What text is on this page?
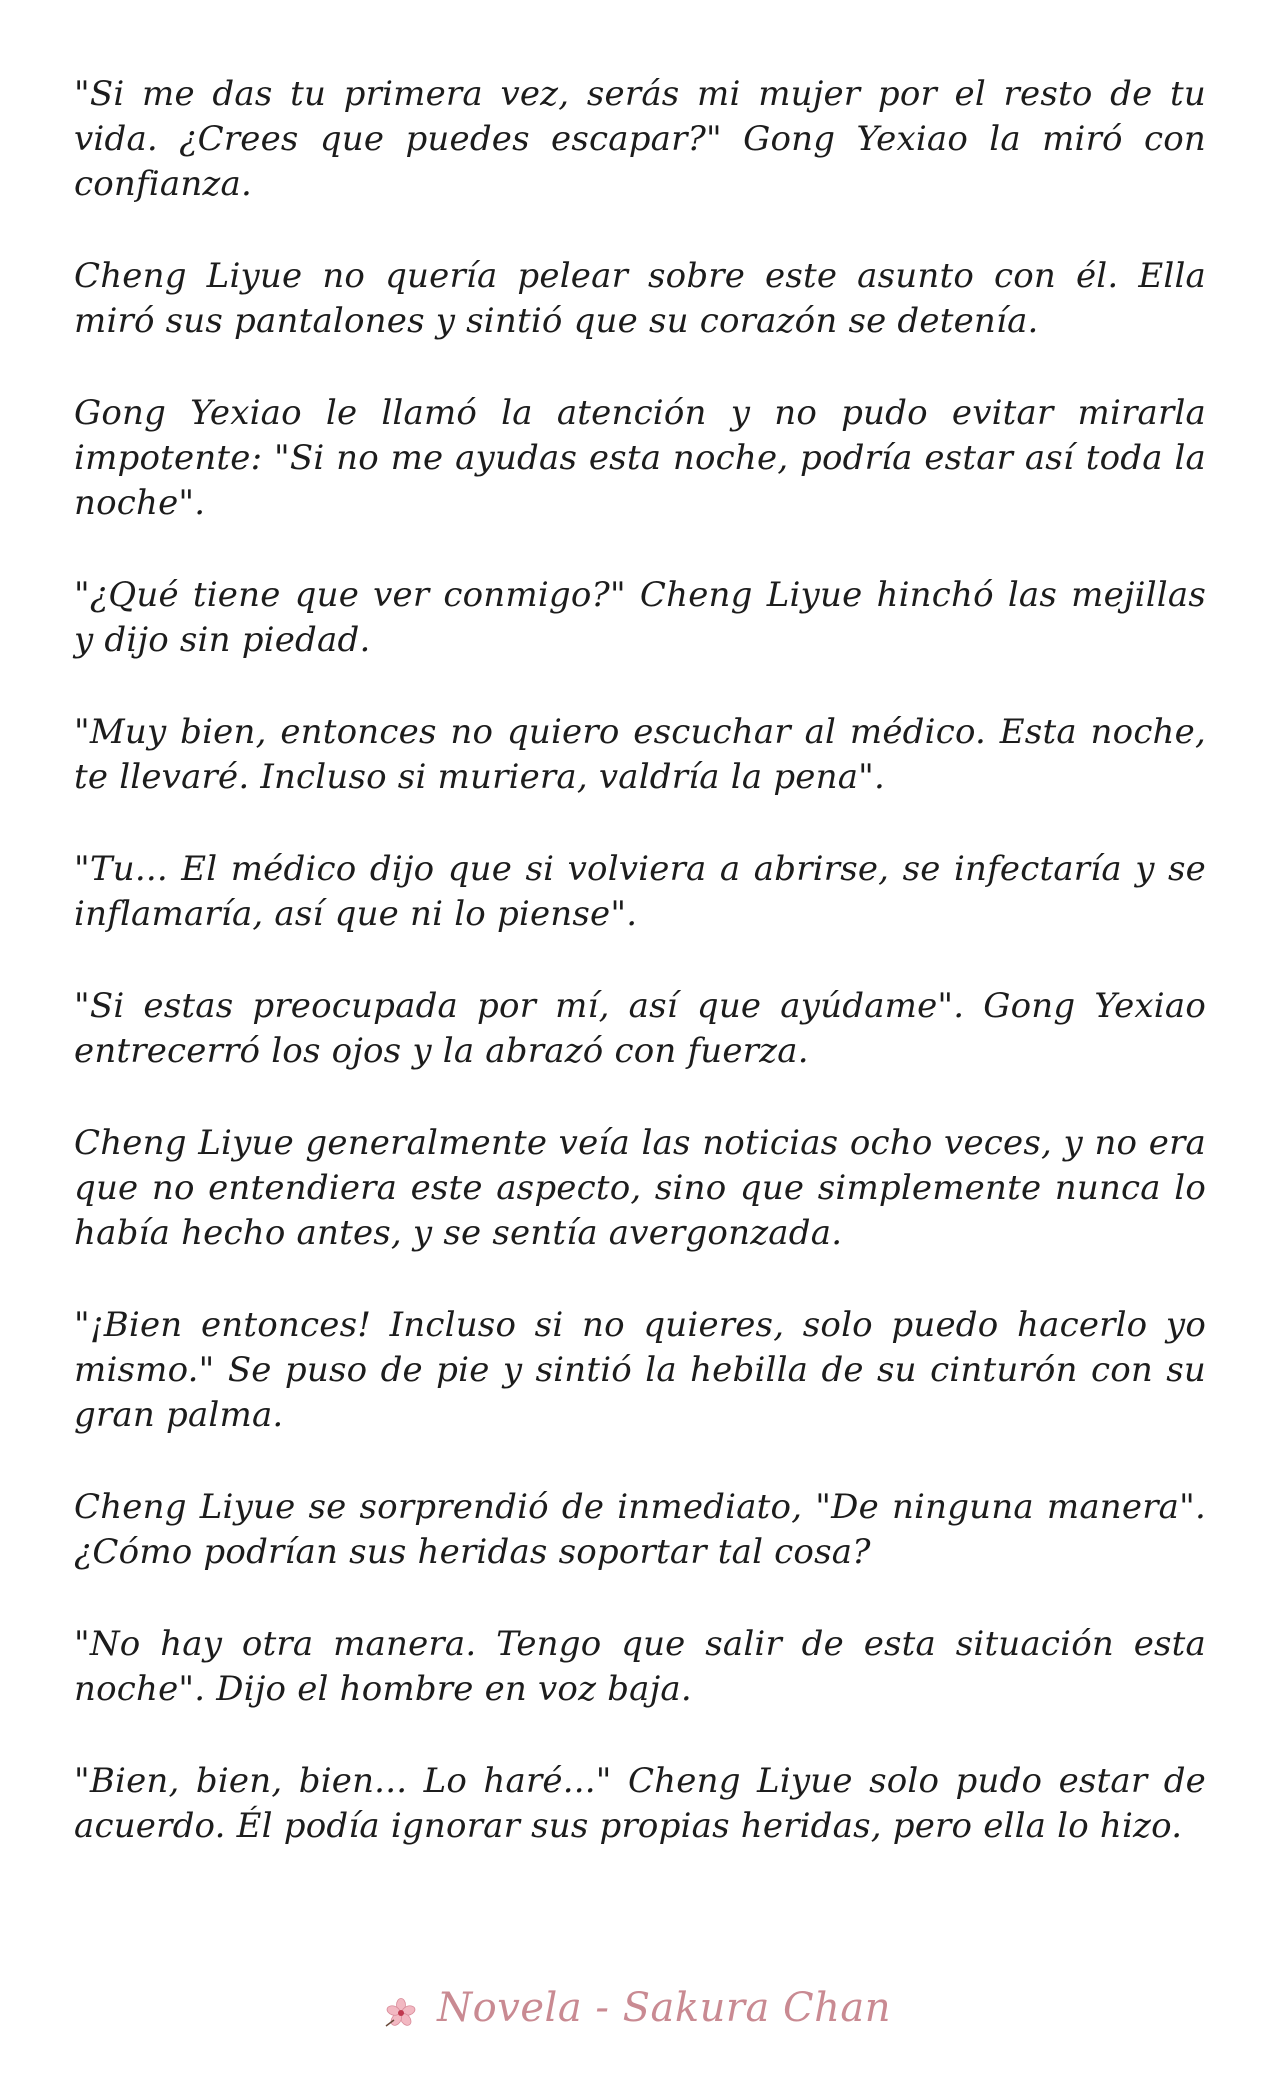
"Si me das tu primera vez, serás mi mujer por el resto de tu vida. ¿Crees que puedes escapar?" Gong Yexiao la miró con confianza.

Cheng Liyue no quería pelear sobre este asunto con él. Ella miró sus pantalones y sintió que su corazón se detenía.

Gong Yexiao le llamó la atención y no pudo evitar mirarla impotente: "Si no me ayudas esta noche, podría estar así toda la noche".

"¿Qué tiene que ver conmigo?" Cheng Liyue hinchó las mejillas y dijo sin piedad.

"Muy bien, entonces no quiero escuchar al médico. Esta noche, te llevaré. Incluso si muriera, valdría la pena".

"Tu... El médico dijo que si volviera a abrirse, se infectaría y se inflamaría, así que ni lo piense".

"Si estas preocupada por mí, así que ayúdame". Gong Yexiao entrecerró los ojos y la abrazó con fuerza.

Cheng Liyue generalmente veía las noticias ocho veces, y no era que no entendiera este aspecto, sino que simplemente nunca lo había hecho antes, y se sentía avergonzada.

"¡Bien entonces! Incluso si no quieres, solo puedo hacerlo yo mismo." Se puso de pie y sintió la hebilla de su cinturón con su gran palma.

Cheng Liyue se sorprendió de inmediato, "De ninguna manera". ¿Cómo podrían sus heridas soportar tal cosa?

"No hay otra manera. Tengo que salir de esta situación esta noche". Dijo el hombre en voz baja.

"Bien, bien, bien... Lo haré..." Cheng Liyue solo pudo estar de acuerdo. Él podía ignorar sus propias heridas, pero ella lo hizo.

Novela - Sakura Chan
